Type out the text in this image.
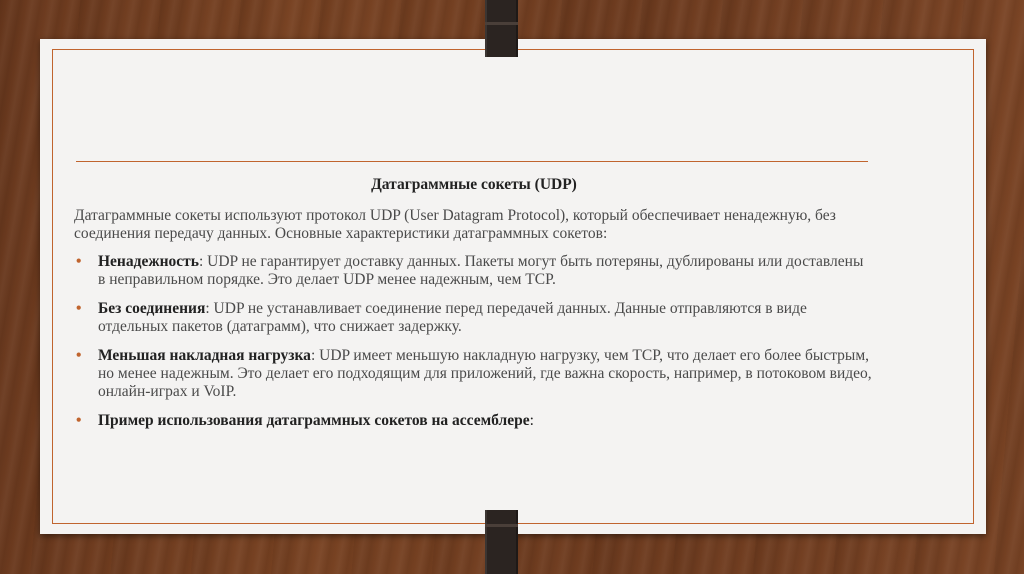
Датаграммные сокеты (UDP)
Датаграммные сокеты используют протокол UDP (User Datagram Protocol), который обеспечивает ненадежную, без соединения передачу данных. Основные характеристики датаграммных сокетов:
• Ненадежность: UDP не гарантирует доставку данных. Пакеты могут быть потеряны, дублированы или доставлены в неправильном порядке. Это делает UDP менее надежным, чем TCP.
• Без соединения: UDP не устанавливает соединение перед передачей данных. Данные отправляются в виде отдельных пакетов (датаграмм), что снижает задержку.
• Меньшая накладная нагрузка: UDP имеет меньшую накладную нагрузку, чем TCP, что делает его более быстрым, но менее надежным. Это делает его подходящим для приложений, где важна скорость, например, в потоковом видео, онлайн-играх и VoIP.
• Пример использования датаграммных сокетов на ассемблере:
